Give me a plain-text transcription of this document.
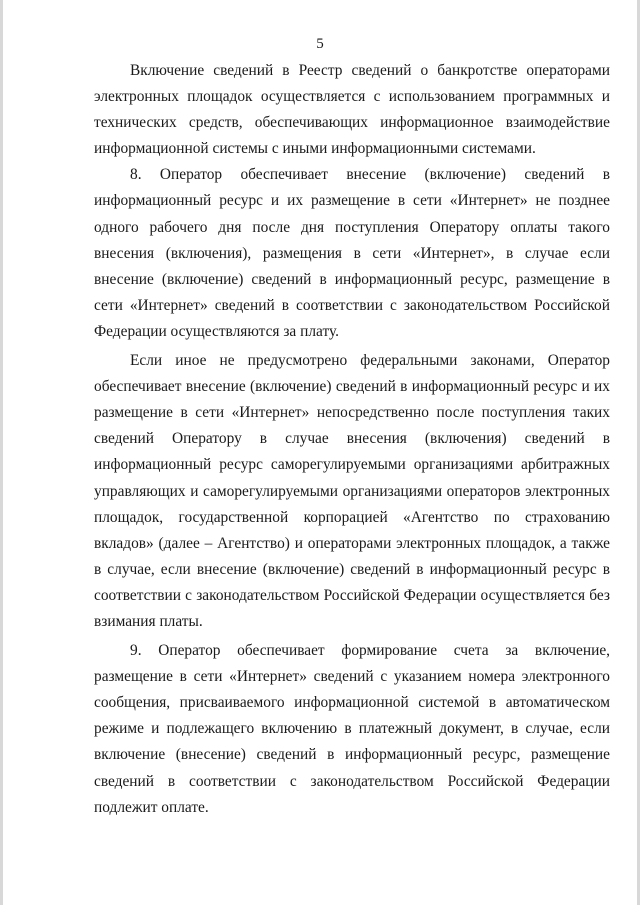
5

Включение сведений в Реестр сведений о банкротстве операторами электронных площадок осуществляется с использованием программных и технических средств, обеспечивающих информационное взаимодействие информационной системы с иными информационными системами.

8. Оператор обеспечивает внесение (включение) сведений в информационный ресурс и их размещение в сети «Интернет» не позднее одного рабочего дня после дня поступления Оператору оплаты такого внесения (включения), размещения в сети «Интернет», в случае если внесение (включение) сведений в информационный ресурс, размещение в сети «Интернет» сведений в соответствии с законодательством Российской Федерации осуществляются за плату.

Если иное не предусмотрено федеральными законами, Оператор обеспечивает внесение (включение) сведений в информационный ресурс и их размещение в сети «Интернет» непосредственно после поступления таких сведений Оператору в случае внесения (включения) сведений в информационный ресурс саморегулируемыми организациями арбитражных управляющих и саморегулируемыми организациями операторов электронных площадок, государственной корпорацией «Агентство по страхованию вкладов» (далее – Агентство) и операторами электронных площадок, а также в случае, если внесение (включение) сведений в информационный ресурс в соответствии с законодательством Российской Федерации осуществляется без взимания платы.

9. Оператор обеспечивает формирование счета за включение, размещение в сети «Интернет» сведений с указанием номера электронного сообщения, присваиваемого информационной системой в автоматическом режиме и подлежащего включению в платежный документ, в случае, если включение (внесение) сведений в информационный ресурс, размещение сведений в соответствии с законодательством Российской Федерации подлежит оплате.
